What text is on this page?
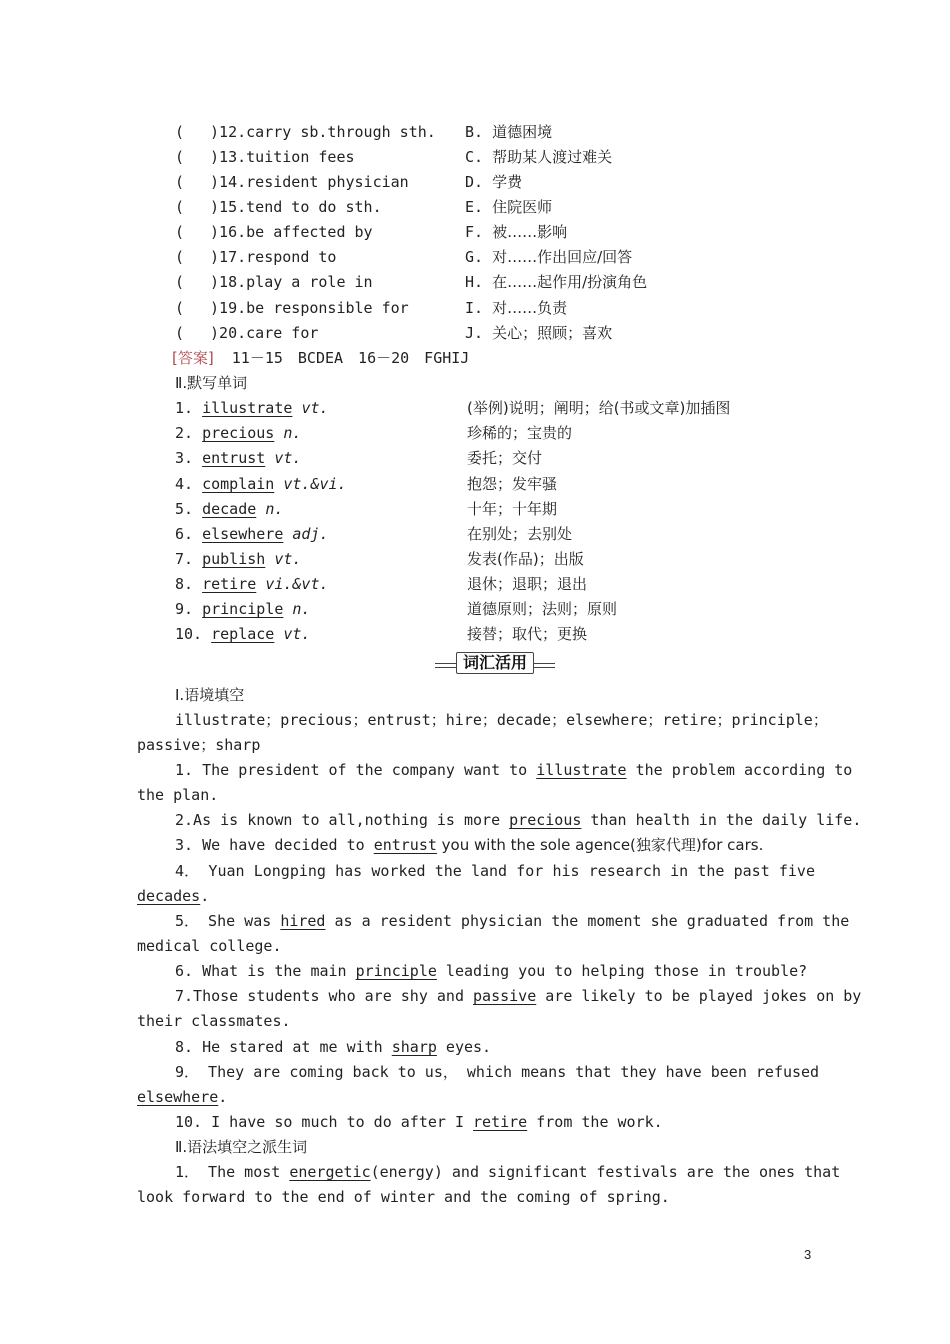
( )12.carry sb.through sth. B. 道德困境
( )13.tuition fees	C. 帮助某人渡过难关
( )14.resident physician	D. 学费
( )15.tend to do sth.	E. 住院医师
( )16.be affected by	F. 被……影响
( )17.respond to	G. 对……作出回应/回答
( )18.play a role in	H. 在……起作用/扮演角色
( )19.be responsible for	I. 对……负责
( )20.care for	J. 关心；照顾；喜欢
[答案] 11－15　BCDEA　16－20　FGHIJ
Ⅱ.默写单词
1. illustrate vt.	(举例)说明；阐明；给(书或文章)加插图
2. precious n.	珍稀的；宝贵的
3. entrust vt.	委托；交付
4. complain vt.&vi.	抱怨；发牢骚
5. decade n.	十年；十年期
6. elsewhere adj.	在别处；去别处
7. publish vt.	发表(作品)；出版
8. retire vi.&vt.	退休；退职；退出
9. principle n.	道德原则；法则；原则
10. replace vt.	接替；取代；更换
词汇活用
Ⅰ.语境填空
illustrate；precious；entrust；hire；decade；elsewhere；retire；principle；
passive；sharp
1. The president of the company want to illustrate the problem according to
the plan.
2.As is known to all,nothing is more precious than health in the daily life.
3. We have decided to entrust you with the sole agence(独家代理)for cars.
4． Yuan Longping has worked the land for his research in the past five
decades.
5． She was hired as a resident physician the moment she graduated from the
medical college.
6. What is the main principle leading you to helping those in trouble?
7.Those students who are shy and passive are likely to be played jokes on by
their classmates.
8. He stared at me with sharp eyes.
9． They are coming back to us， which means that they have been refused
elsewhere.
10. I have so much to do after I retire from the work.
Ⅱ.语法填空之派生词
1． The most energetic(energy) and significant festivals are the ones that
look forward to the end of winter and the coming of spring.
3
